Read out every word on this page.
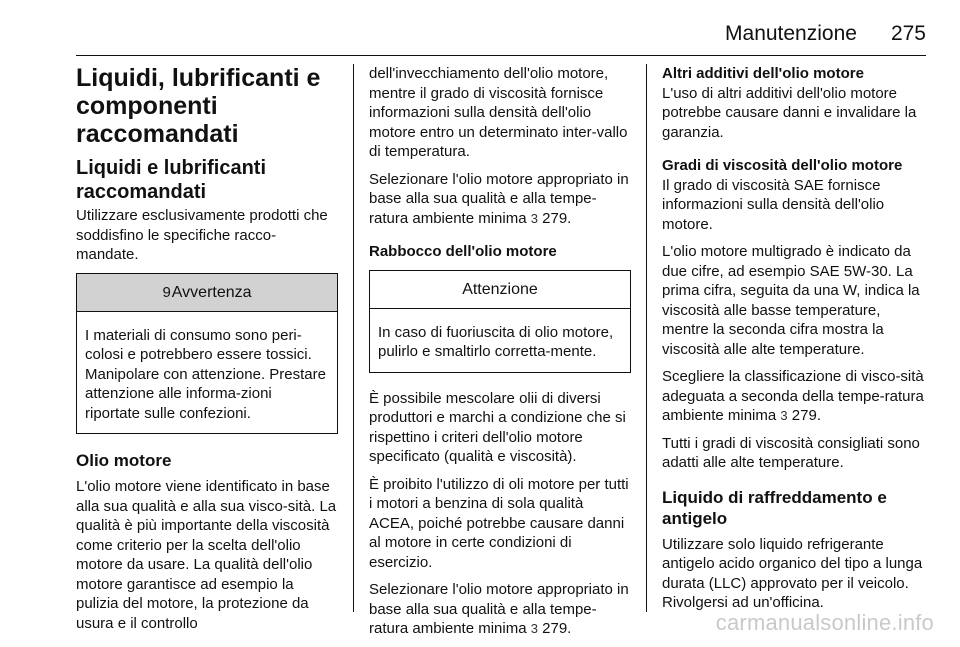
Manutenzione 275
Liquidi, lubrificanti e componenti raccomandati
Liquidi e lubrificanti raccomandati

Utilizzare esclusivamente prodotti che soddisfino le specifiche racco-mandate.

9Avvertenza
I materiali di consumo sono peri-colosi e potrebbero essere tossici. Manipolare con attenzione. Prestare attenzione alle informa-zioni riportate sulle confezioni.
Olio motore

L'olio motore viene identificato in base alla sua qualità e alla sua visco-sità. La qualità è più importante della viscosità come criterio per la scelta dell'olio motore da usare. La qualità dell'olio motore garantisce ad esempio la pulizia del motore, la protezione da usura e il controllo

dell'invecchiamento dell'olio motore, mentre il grado di viscosità fornisce informazioni sulla densità dell'olio motore entro un determinato inter-vallo di temperatura.

Selezionare l'olio motore appropriato in base alla sua qualità e alla tempe-ratura ambiente minima 3 279.

Rabbocco dell'olio motore
Attenzione
In caso di fuoriuscita di olio motore, pulirlo e smaltirlo corretta-mente.

È possibile mescolare olii di diversi produttori e marchi a condizione che si rispettino i criteri dell'olio motore specificato (qualità e viscosità).

È proibito l'utilizzo di oli motore per tutti i motori a benzina di sola qualità ACEA, poiché potrebbe causare danni al motore in certe condizioni di esercizio.

Selezionare l'olio motore appropriato in base alla sua qualità e alla tempe-ratura ambiente minima 3 279.

Altri additivi dell'olio motore

L'uso di altri additivi dell'olio motore potrebbe causare danni e invalidare la garanzia.

Gradi di viscosità dell'olio motore

Il grado di viscosità SAE fornisce informazioni sulla densità dell'olio motore.

L'olio motore multigrado è indicato da due cifre, ad esempio SAE 5W-30. La prima cifra, seguita da una W, indica la viscosità alle basse temperature, mentre la seconda cifra mostra la viscosità alle alte temperature.

Scegliere la classificazione di visco-sità adeguata a seconda della tempe-ratura ambiente minima 3 279.

Tutti i gradi di viscosità consigliati sono adatti alle alte temperature.

Liquido di raffreddamento e antigelo

Utilizzare solo liquido refrigerante antigelo acido organico del tipo a lunga durata (LLC) approvato per il veicolo. Rivolgersi ad un'officina.

carmanualsonline.info
